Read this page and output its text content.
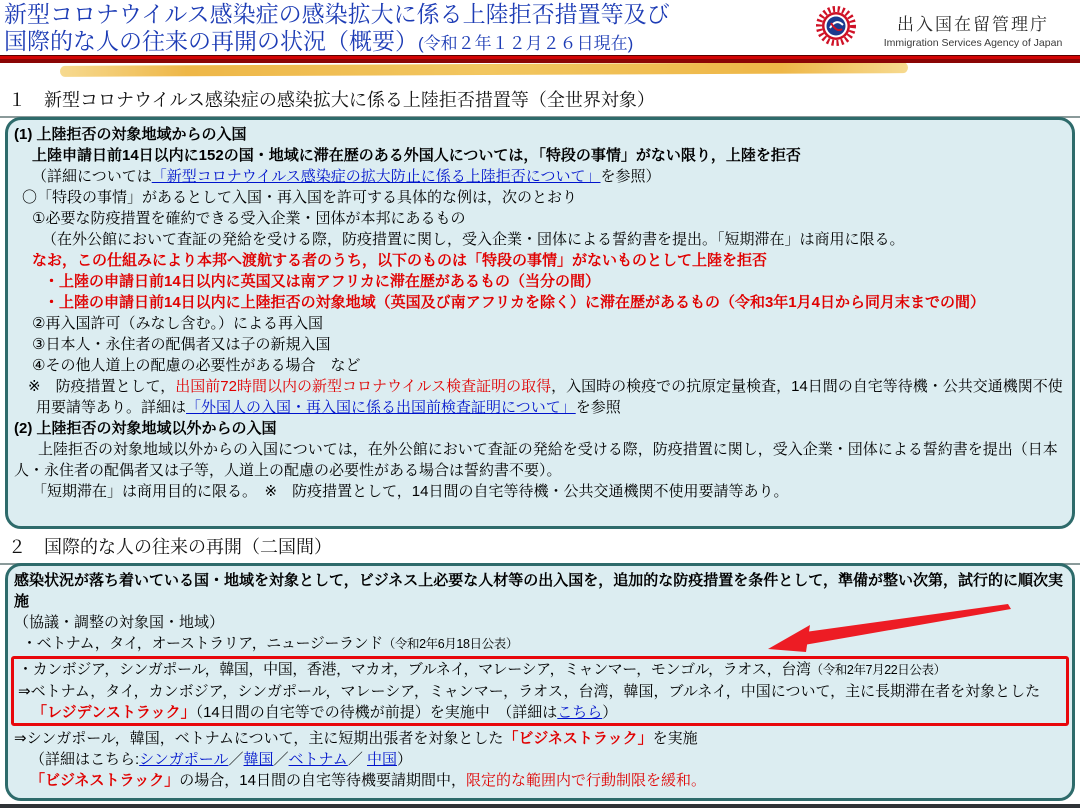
新型コロナウイルス感染症の感染拡大に係る上陸拒否措置等及び
国際的な人の往来の再開の状況（概要）(令和２年１２月２６日現在)
出入国在留管理庁
Immigration Services Agency of Japan
１　新型コロナウイルス感染症の感染拡大に係る上陸拒否措置等（全世界対象）
(1) 上陸拒否の対象地域からの入国
上陸申請日前14日以内に152の国・地域に滞在歴のある外国人については，「特段の事情」がない限り，上陸を拒否
（詳細については「新型コロナウイルス感染症の拡大防止に係る上陸拒否について」を参照）
〇「特段の事情」があるとして入国・再入国を許可する具体的な例は，次のとおり
①必要な防疫措置を確約できる受入企業・団体が本邦にあるもの
（在外公館において査証の発給を受ける際，防疫措置に関し，受入企業・団体による誓約書を提出。「短期滞在」は商用に限る。
なお，この仕組みにより本邦へ渡航する者のうち，以下のものは「特段の事情」がないものとして上陸を拒否
・上陸の申請日前14日以内に英国又は南アフリカに滞在歴があるもの（当分の間）
・上陸の申請日前14日以内に上陸拒否の対象地域（英国及び南アフリカを除く）に滞在歴があるもの（令和3年1月4日から同月末までの間）
②再入国許可（みなし含む。）による再入国
③日本人・永住者の配偶者又は子の新規入国
④その他人道上の配慮の必要性がある場合　など
※　防疫措置として，出国前72時間以内の新型コロナウイルス検査証明の取得，入国時の検疫での抗原定量検査，14日間の自宅等待機・公共交通機関不使用要請等あり。詳細は「外国人の入国・再入国に係る出国前検査証明について」を参照
(2) 上陸拒否の対象地域以外からの入国
上陸拒否の対象地域以外からの入国については，在外公館において査証の発給を受ける際，防疫措置に関し，受入企業・団体による誓約書を提出（日本人・永住者の配偶者又は子等，人道上の配慮の必要性がある場合は誓約書不要）。
「短期滞在」は商用目的に限る。　※　防疫措置として，14日間の自宅等待機・公共交通機関不使用要請等あり。
２　国際的な人の往来の再開（二国間）
感染状況が落ち着いている国・地域を対象として，ビジネス上必要な人材等の出入国を，追加的な防疫措置を条件として，準備が整い次第，試行的に順次実施
（協議・調整の対象国・地域）
・ベトナム，タイ，オーストラリア，ニュージーランド（令和2年6月18日公表）
・カンボジア，シンガポール，韓国，中国，香港，マカオ，ブルネイ，マレーシア，ミャンマー，モンゴル，ラオス，台湾（令和2年7月22日公表）
⇒ベトナム，タイ，カンボジア，シンガポール，マレーシア，ミャンマー，ラオス，台湾，韓国，ブルネイ，中国について，主に長期滞在者を対象とした「レジデンストラック」（14日間の自宅等での待機が前提）を実施中　（詳細はこちら）
⇒シンガポール，韓国，ベトナムについて，主に短期出張者を対象とした「ビジネストラック」を実施
（詳細はこちら:シンガポール／韓国／ベトナム／ 中国）
「ビジネストラック」の場合，14日間の自宅等待機要請期間中，限定的な範囲内で行動制限を緩和。
